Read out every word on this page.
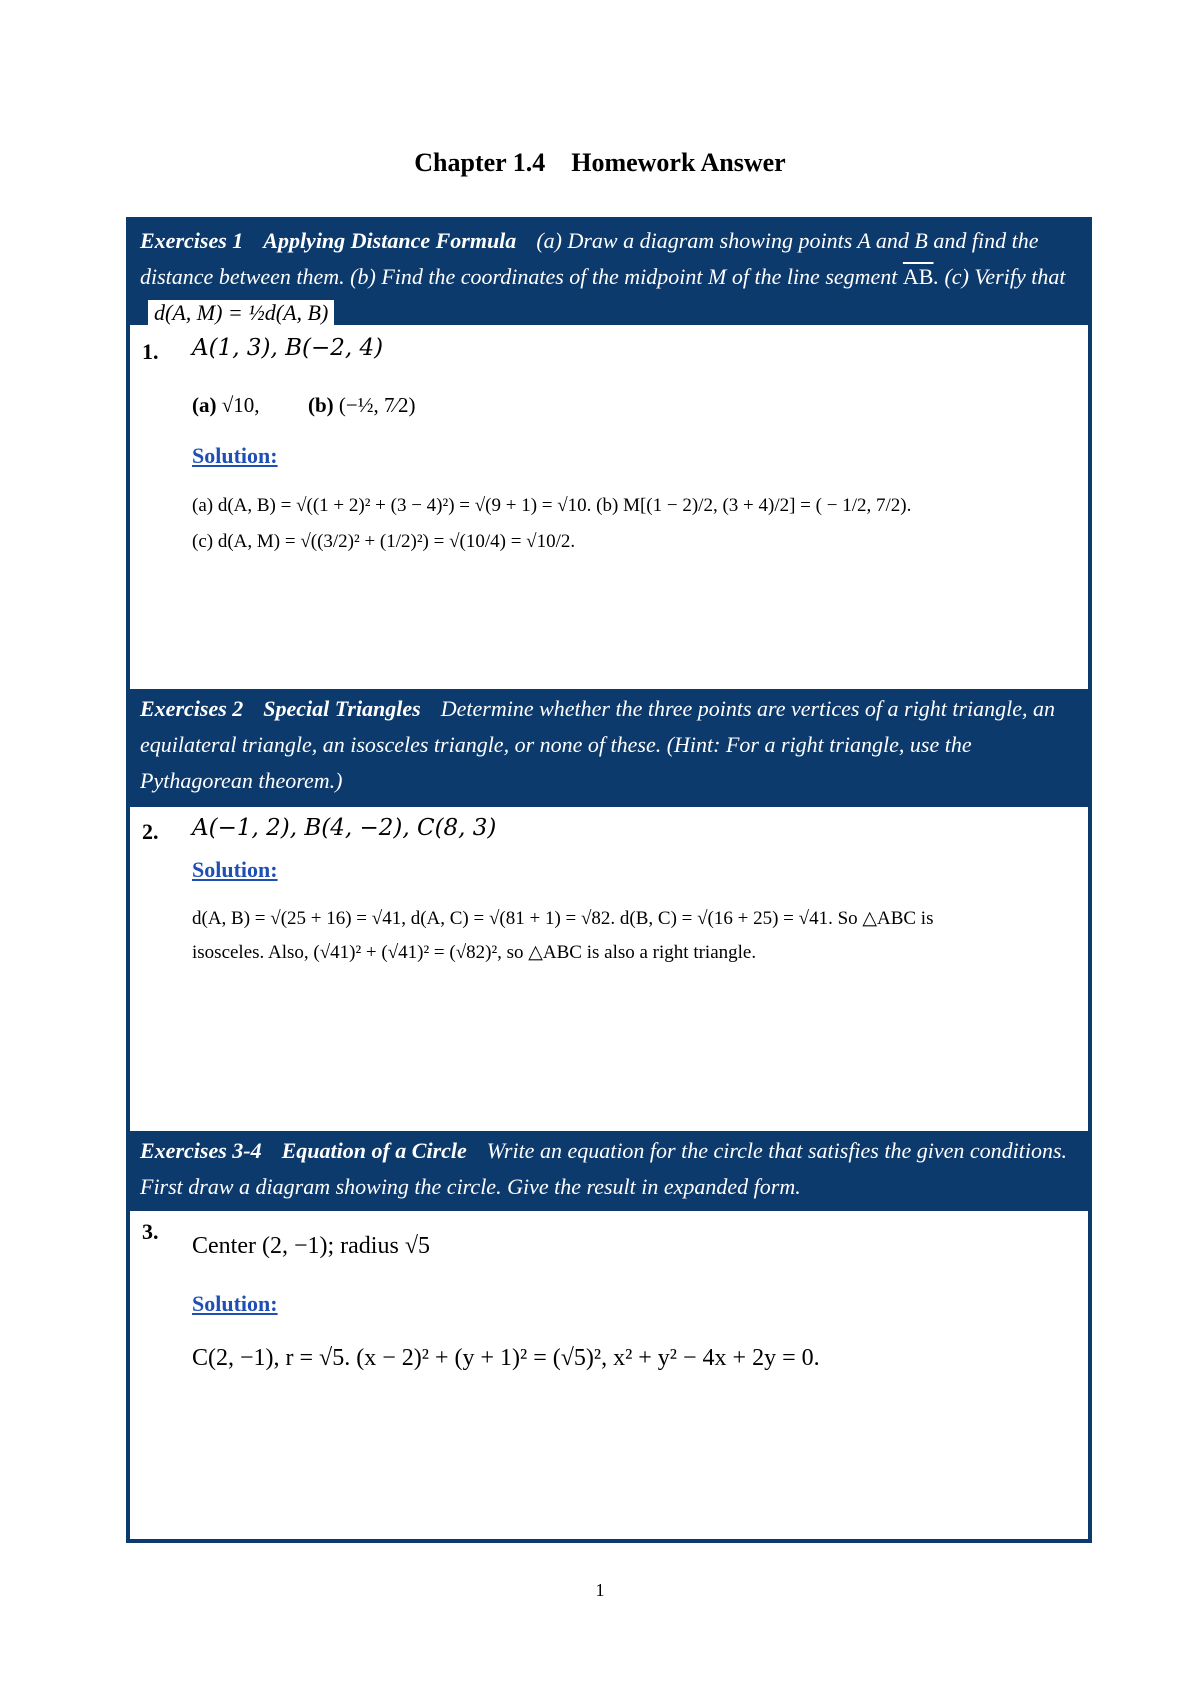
Chapter 1.4 Homework Answer
Exercises 1 Applying Distance Formula (a) Draw a diagram showing points A and B and find the distance between them. (b) Find the coordinates of the midpoint M of the line segment $\overline{AB}$. (c) Verify thatd(A, M) = ½d(A, B)
1. A(1, 3), B(−2, 4)
(a) √10, (b) (−½, 7⁄2)
Solution:
(a) d(A, B) = √((1 + 2)² + (3 − 4)²) = √(9 + 1) = √10. (b) M[(1 − 2)/2, (3 + 4)/2] = ( − 1/2, 7/2).
(c) d(A, M) = √((3/2)² + (1/2)²) = √(10/4) = √10/2.
Exercises 2 Special Triangles Determine whether the three points are vertices of a right triangle, an equilateral triangle, an isosceles triangle, or none of these. (Hint: For a right triangle, use the Pythagorean theorem.)
2. A(−1, 2), B(4, −2), C(8, 3)
Solution:
d(A, B) = √(25 + 16) = √41, d(A, C) = √(81 + 1) = √82. d(B, C) = √(16 + 25) = √41. So △ABC is
isosceles. Also, (√41)² + (√41)² = (√82)², so △ABC is also a right triangle.
Exercises 3-4 Equation of a Circle Write an equation for the circle that satisfies the given conditions. First draw a diagram showing the circle. Give the result in expanded form.
3.
Center (2, −1); radius √5
Solution:
C(2, −1), r = √5. (x − 2)² + (y + 1)² = (√5)², x² + y² − 4x + 2y = 0.
1
